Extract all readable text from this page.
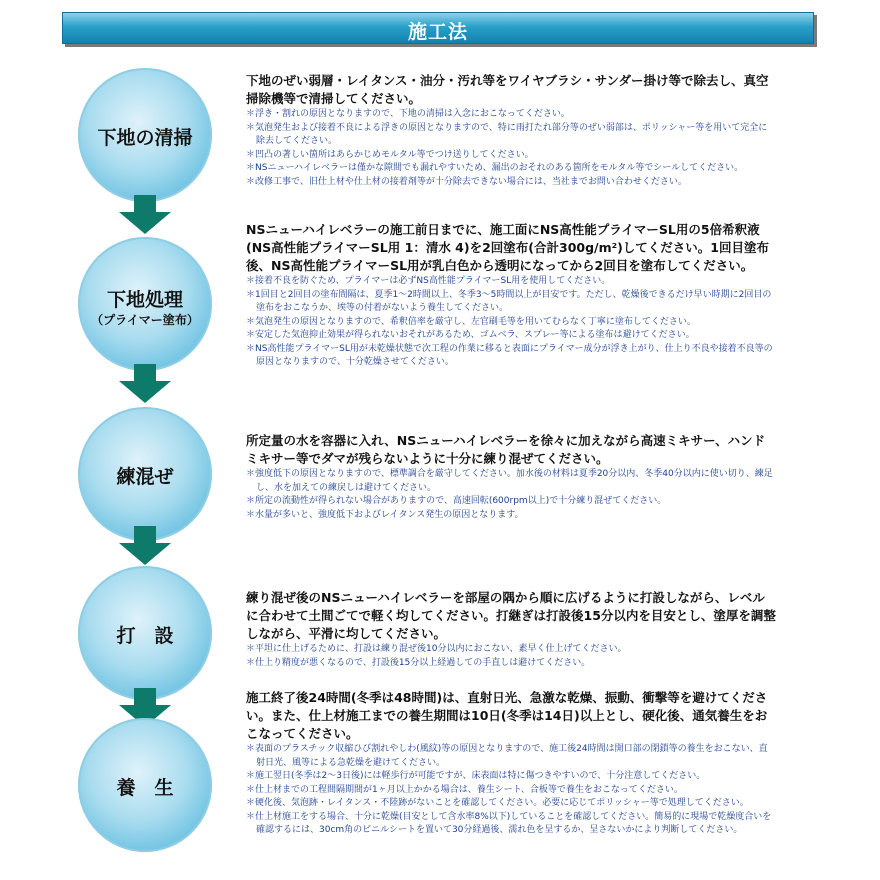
施工法
下地の清掃

下地のぜい弱層・レイタンス・油分・汚れ等をワイヤブラシ・サンダー掛け等で除去し、真空掃除機等で清掃してください。

＊浮き・割れの原因となりますので、下地の清掃は入念におこなってください。

＊気泡発生および接着不良による浮きの原因となりますので、特に雨打たれ部分等のぜい弱部は、ポリッシャー等を用いて完全に除去してください。

＊凹凸の著しい箇所はあらかじめモルタル等でつけ送りしてください。

＊NSニューハイレベラーは僅かな隙間でも漏れやすいため、漏出のおそれのある箇所をモルタル等でシールしてください。

＊改修工事で、旧仕上材や仕上材の接着剤等が十分除去できない場合には、当社までお問い合わせください。

下地処理
（プライマー塗布）

NSニューハイレベラーの施工前日までに、施工面にNS高性能プライマーSL用の5倍希釈液(NS高性能プライマーSL用 1：清水 4)を2回塗布(合計300g/m²)してください。1回目塗布後、NS高性能プライマーSL用が乳白色から透明になってから2回目を塗布してください。

＊接着不良を防ぐため、プライマーは必ずNS高性能プライマーSL用を使用してください。

＊1回目と2回目の塗布間隔は、夏季1〜2時間以上、冬季3〜5時間以上が目安です。ただし、乾燥後できるだけ早い時期に2回目の塗布をおこなうか、埃等の付着がないよう養生してください。

＊気泡発生の原因となりますので、希釈倍率を厳守し、左官刷毛等を用いてむらなく丁寧に塗布してください。

＊安定した気泡抑止効果が得られないおそれがあるため、ゴムベラ、スプレー等による塗布は避けてください。

＊NS高性能プライマーSL用が未乾燥状態で次工程の作業に移ると表面にプライマー成分が浮き上がり、仕上り不良や接着不良等の原因となりますので、十分乾燥させてください。

練混ぜ

所定量の水を容器に入れ、NSニューハイレベラーを徐々に加えながら高速ミキサー、ハンドミキサー等でダマが残らないように十分に練り混ぜてください。

＊強度低下の原因となりますので、標準調合を厳守してください。加水後の材料は夏季20分以内、冬季40分以内に使い切り、練足し、水を加えての練戻しは避けてください。

＊所定の流動性が得られない場合がありますので、高速回転(600rpm以上)で十分練り混ぜてください。

＊水量が多いと、強度低下およびレイタンス発生の原因となります。

打　設

練り混ぜ後のNSニューハイレベラーを部屋の隅から順に広げるように打設しながら、レベルに合わせて土間ごてで軽く均してください。打継ぎは打設後15分以内を目安とし、塗厚を調整しながら、平滑に均してください。

＊平坦に仕上げるために、打設は練り混ぜ後10分以内におこない、素早く仕上げてください。

＊仕上り精度が悪くなるので、打設後15分以上経過しての手直しは避けてください。

養　生

施工終了後24時間(冬季は48時間)は、直射日光、急激な乾燥、振動、衝撃等を避けてください。また、仕上材施工までの養生期間は10日(冬季は14日)以上とし、硬化後、通気養生をおこなってください。

＊表面のプラスチック収縮ひび割れやしわ(風紋)等の原因となりますので、施工後24時間は開口部の閉鎖等の養生をおこない、直射日光、風等による急乾燥を避けてください。

＊施工翌日(冬季は2〜3日後)には軽歩行が可能ですが、床表面は特に傷つきやすいので、十分注意してください。

＊仕上材までの工程間隔期間が1ヶ月以上かかる場合は、養生シート、合板等で養生をおこなってください。

＊硬化後、気泡跡・レイタンス・不陸跡がないことを確認してください。必要に応じてポリッシャー等で処理してください。

＊仕上材施工をする場合、十分に乾燥(目安として含水率8%以下)していることを確認してください。簡易的に現場で乾燥度合いを確認するには、30cm角のビニルシートを置いて30分経過後、濡れ色を呈するか、呈さないかにより判断してください。
